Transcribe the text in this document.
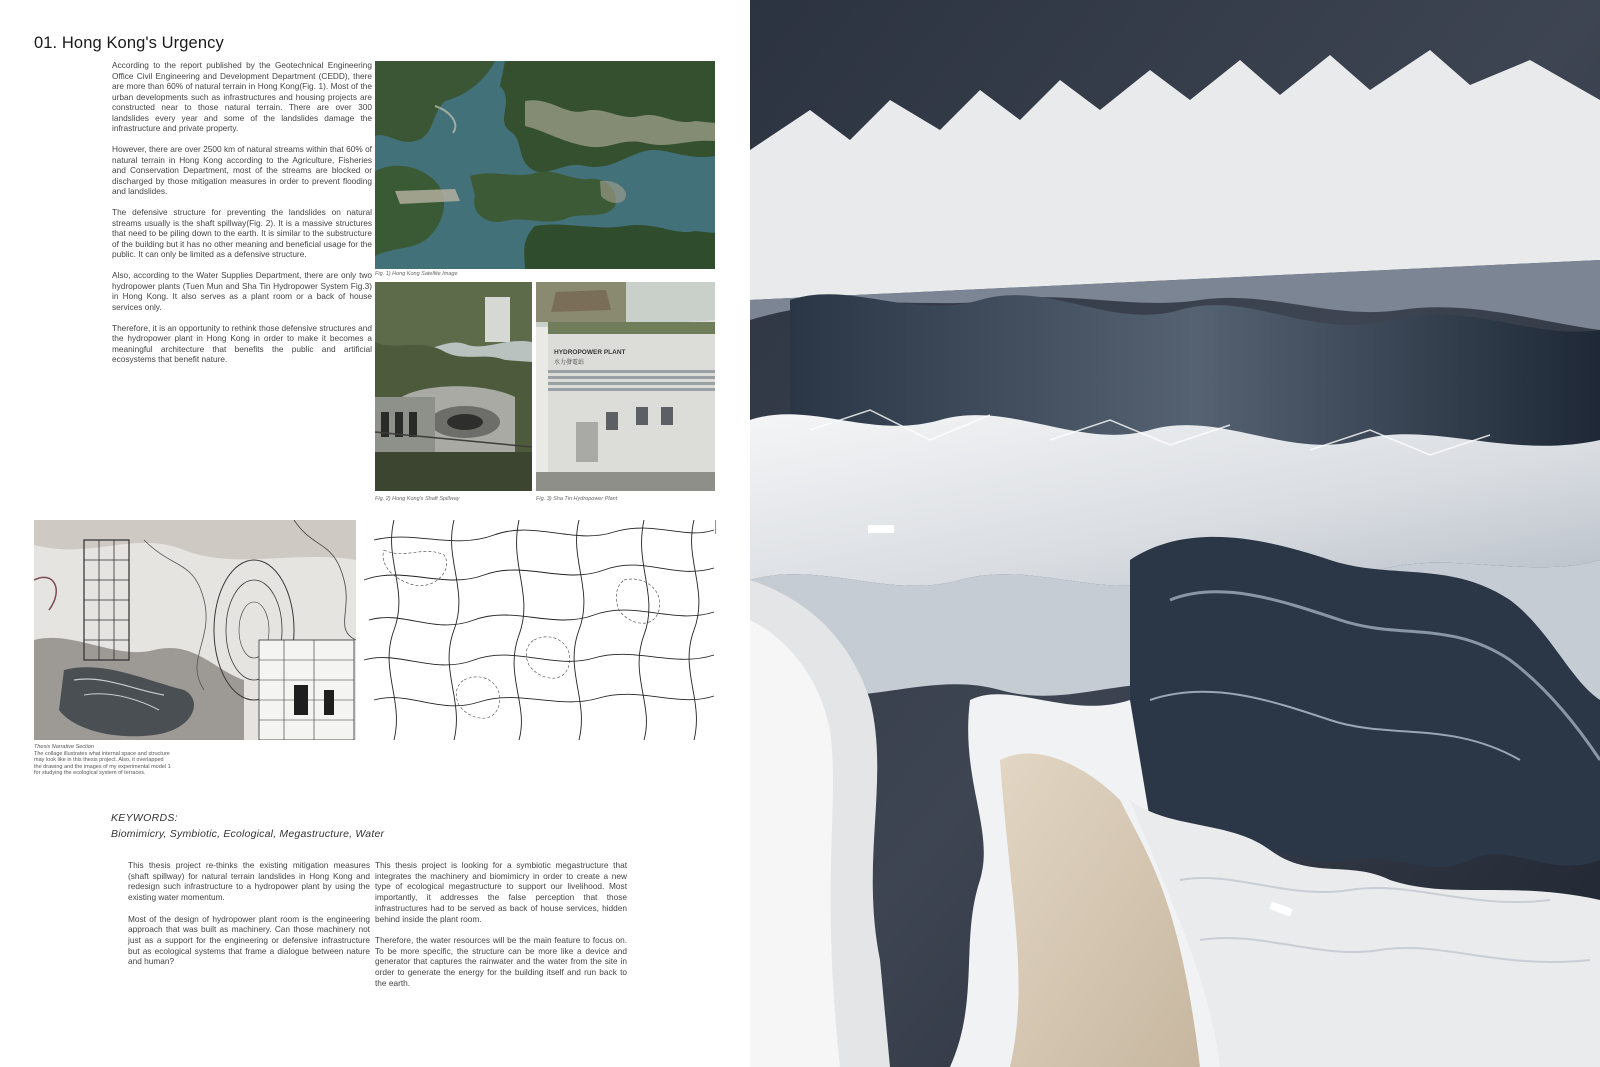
01. Hong Kong's Urgency

According to the report published by the Geotechnical Engineering Office Civil Engineering and Development Department (CEDD), there are more than 60% of natural terrain in Hong Kong(Fig. 1). Most of the urban developments such as infrastructures and housing projects are constructed near to those natural terrain. There are over 300 landslides every year and some of the landslides damage the infrastructure and private property.

However, there are over 2500 km of natural streams within that 60% of natural terrain in Hong Kong according to the Agriculture, Fisheries and Conservation Department, most of the streams are blocked or discharged by those mitigation measures in order to prevent flooding and landslides.

The defensive structure for preventing the landslides on natural streams usually is the shaft spillway(Fig. 2). It is a massive structures that need to be piling down to the earth. It is similar to the substructure of the building but it has no other meaning and beneficial usage for the public. It can only be limited as a defensive structure.

Also, according to the Water Supplies Department, there are only two hydropower plants (Tuen Mun and Sha Tin Hydropower System Fig.3) in Hong Kong. It also serves as a plant room or a back of house services only.

Therefore, it is an opportunity to rethink those defensive structures and the hydropower plant in Hong Kong in order to make it becomes a meaningful architecture that benefits the public and artificial ecosystems that benefit nature.

Fig. 1) Hong Kong Satellite Image
Fig. 2) Hong Kong's Shaft Spillway
HYDROPOWER PLANT
水力發電站
Fig. 3) Sha Tin Hydropower Plant
Thesis Narrative Section
The collage illustrates what internal space and structure
may look like in this thesis project. Also, it overlapped
the drawing and the images of my experimental model 1
for studying the ecological system of terraces.
KEYWORDS:
Biomimicry, Symbiotic, Ecological, Megastructure, Water

This thesis project re-thinks the existing mitigation measures (shaft spillway) for natural terrain landslides in Hong Kong and redesign such infrastructure to a hydropower plant by using the existing water momentum.

Most of the design of hydropower plant room is the engineering approach that was built as machinery. Can those machinery not just as a support for the engineering or defensive infrastructure but as ecological systems that frame a dialogue between nature and human?

This thesis project is looking for a symbiotic megastructure that integrates the machinery and biomimicry in order to create a new type of ecological megastructure to support our livelihood. Most importantly, it addresses the false perception that those infrastructures had to be served as back of house services, hidden behind inside the plant room.

Therefore, the water resources will be the main feature to focus on. To be more specific, the structure can be more like a device and generator that captures the rainwater and the water from the site in order to generate the energy for the building itself and run back to the earth.
